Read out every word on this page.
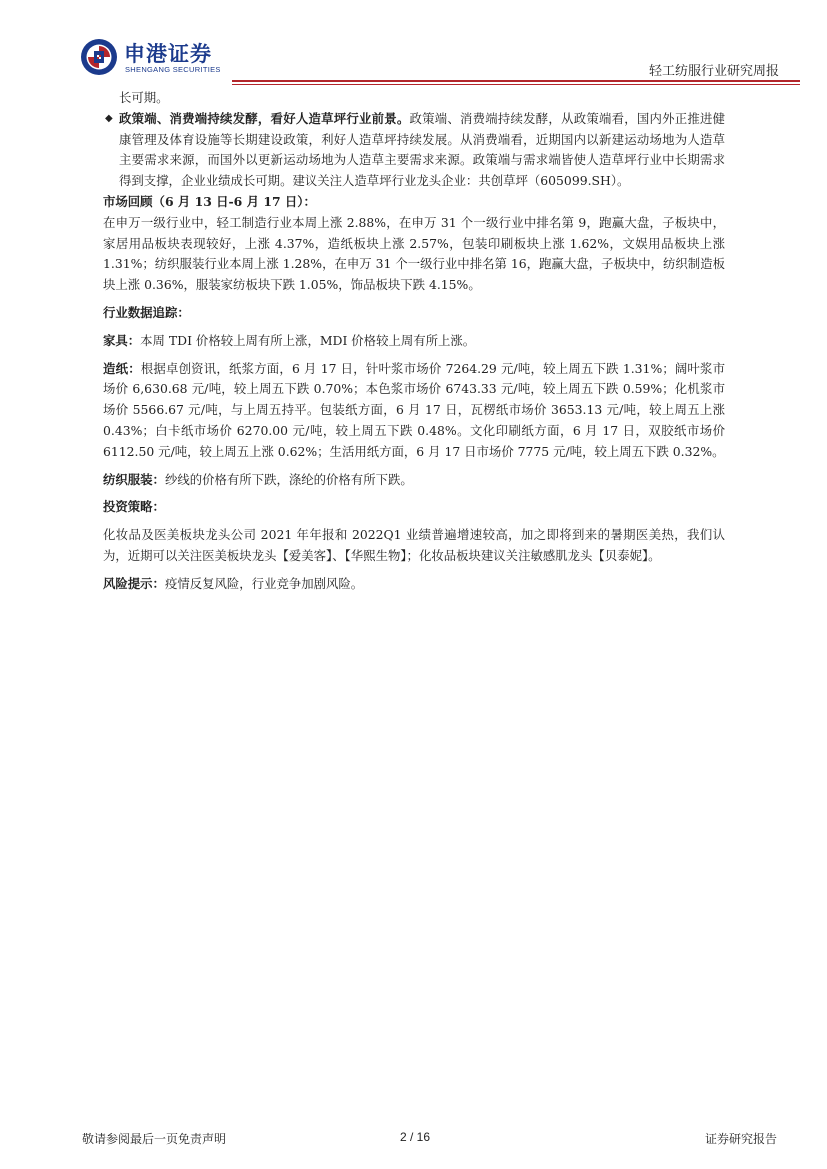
申港证券
SHENGANG SECURITIES	轻工纺服行业研究周报

长可期。

◆ 政策端、消费端持续发酵，看好人造草坪行业前景。政策端、消费端持续发酵，从政策端看，国内外正推进健康管理及体育设施等长期建设政策，利好人造草坪持续发展。从消费端看，近期国内以新建运动场地为人造草主要需求来源，而国外以更新运动场地为人造草主要需求来源。政策端与需求端皆使人造草坪行业中长期需求得到支撑，企业业绩成长可期。建议关注人造草坪行业龙头企业：共创草坪（605099.SH）。

市场回顾（6 月 13 日-6 月 17 日）：

在申万一级行业中，轻工制造行业本周上涨 2.88%，在申万 31 个一级行业中排名第 9，跑赢大盘，子板块中，家居用品板块表现较好，上涨 4.37%，造纸板块上涨 2.57%，包装印刷板块上涨 1.62%，文娱用品板块上涨 1.31%；纺织服装行业本周上涨 1.28%，在申万 31 个一级行业中排名第 16，跑赢大盘，子板块中，纺织制造板块上涨 0.36%，服装家纺板块下跌 1.05%，饰品板块下跌 4.15%。

行业数据追踪：

家具：本周 TDI 价格较上周有所上涨，MDI 价格较上周有所上涨。

造纸：根据卓创资讯，纸浆方面，6 月 17 日，针叶浆市场价 7264.29 元/吨，较上周五下跌 1.31%；阔叶浆市场价 6,630.68 元/吨，较上周五下跌 0.70%；本色浆市场价 6743.33 元/吨，较上周五下跌 0.59%；化机浆市场价 5566.67 元/吨，与上周五持平。包装纸方面，6 月 17 日，瓦楞纸市场价 3653.13 元/吨，较上周五上涨 0.43%；白卡纸市场价 6270.00 元/吨，较上周五下跌 0.48%。文化印刷纸方面，6 月 17 日，双胶纸市场价 6112.50 元/吨，较上周五上涨 0.62%；生活用纸方面，6 月 17 日市场价 7775 元/吨，较上周五下跌 0.32%。

纺织服装：纱线的价格有所下跌，涤纶的价格有所下跌。

投资策略：

化妆品及医美板块龙头公司 2021 年年报和 2022Q1 业绩普遍增速较高，加之即将到来的暑期医美热，我们认为，近期可以关注医美板块龙头【爱美客】、【华熙生物】；化妆品板块建议关注敏感肌龙头【贝泰妮】。

风险提示：疫情反复风险，行业竞争加剧风险。

敬请参阅最后一页免责声明	2 / 16	证券研究报告
